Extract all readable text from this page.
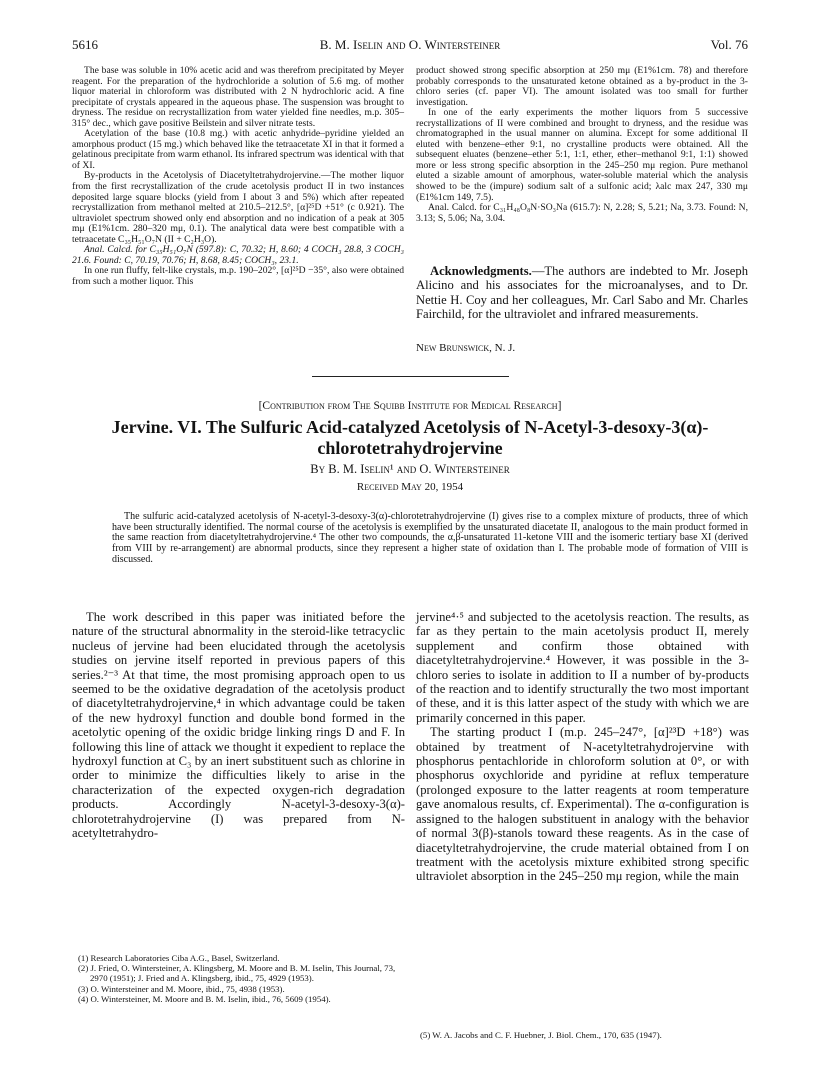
5616	B. M. Iselin and O. Wintersteiner	Vol. 76

The base was soluble in 10% acetic acid and was therefrom precipitated by Meyer reagent. For the preparation of the hydrochloride a solution of 5.6 mg. of mother liquor material in chloroform was distributed with 2 N hydrochloric acid. A fine precipitate of crystals appeared in the aqueous phase. The suspension was brought to dryness. The residue on recrystallization from water yielded fine needles, m.p. 305–315° dec., which gave positive Beilstein and silver nitrate tests.

Acetylation of the base (10.8 mg.) with acetic anhydride–pyridine yielded an amorphous product (15 mg.) which behaved like the tetraacetate XI in that it formed a gelatinous precipitate from warm ethanol. Its infrared spectrum was identical with that of XI.

By-products in the Acetolysis of Diacetyltetrahydrojervine.—The mother liquor from the first recrystallization of the crude acetolysis product II in two instances deposited large square blocks (yield from I about 3 and 5%) which after repeated recrystallization from methanol melted at 210.5–212.5°, [α]²⁵D +51° (c 0.921). The ultraviolet spectrum showed only end absorption and no indication of a peak at 305 mμ (E1%1cm. 280–320 mμ, 0.1). The analytical data were best compatible with a tetraacetate C₃₅H₅₁O₇N (II + C₂H₃O).

Anal. Calcd. for C₃₅H₅₁O₇N (597.8): C, 70.32; H, 8.60; 4 COCH₃ 28.8, 3 COCH₃ 21.6. Found: C, 70.19, 70.76; H, 8.68, 8.45; COCH₃, 23.1.

In one run fluffy, felt-like crystals, m.p. 190–202°, [α]²⁵D −35°, also were obtained from such a mother liquor. This

product showed strong specific absorption at 250 mμ (E1%1cm. 78) and therefore probably corresponds to the unsaturated ketone obtained as a by-product in the 3-chloro series (cf. paper VI). The amount isolated was too small for further investigation.

In one of the early experiments the mother liquors from 5 successive recrystallizations of II were combined and brought to dryness, and the residue was chromatographed in the usual manner on alumina. Except for some additional II eluted with benzene–ether 9:1, no crystalline products were obtained. All the subsequent eluates (benzene–ether 5:1, 1:1, ether, ether–methanol 9:1, 1:1) showed more or less strong specific absorption in the 245–250 mμ region. Pure methanol eluted a sizable amount of amorphous, water-soluble material which the analysis showed to be the (impure) sodium salt of a sulfonic acid; λalc max 247, 330 mμ (E1%1cm 149, 7.5).

Anal. Calcd. for C₃₁H₄₈O₈N·SO₃Na (615.7): N, 2.28; S, 5.21; Na, 3.73. Found: N, 3.13; S, 5.06; Na, 3.04.

Acknowledgments.—The authors are indebted to Mr. Joseph Alicino and his associates for the microanalyses, and to Dr. Nettie H. Coy and her colleagues, Mr. Carl Sabo and Mr. Charles Fairchild, for the ultraviolet and infrared measurements.

New Brunswick, N. J.
[Contribution from The Squibb Institute for Medical Research]
Jervine. VI. The Sulfuric Acid-catalyzed Acetolysis of N-Acetyl-3-desoxy-3(α)-chlorotetrahydrojervine
By B. M. Iselin¹ and O. Wintersteiner
Received May 20, 1954

The sulfuric acid-catalyzed acetolysis of N-acetyl-3-desoxy-3(α)-chlorotetrahydrojervine (I) gives rise to a complex mixture of products, three of which have been structurally identified. The normal course of the acetolysis is exemplified by the unsaturated diacetate II, analogous to the main product formed in the same reaction from diacetyltetrahydrojervine.⁴ The other two compounds, the α,β-unsaturated 11-ketone VIII and the isomeric tertiary base XI (derived from VIII by re-arrangement) are abnormal products, since they represent a higher state of oxidation than I. The probable mode of formation of VIII is discussed.

The work described in this paper was initiated before the nature of the structural abnormality in the steroid-like tetracyclic nucleus of jervine had been elucidated through the acetolysis studies on jervine itself reported in previous papers of this series.²⁻³ At that time, the most promising approach open to us seemed to be the oxidative degradation of the acetolysis product of diacetyltetrahydrojervine,⁴ in which advantage could be taken of the new hydroxyl function and double bond formed in the acetolytic opening of the oxidic bridge linking rings D and F. In following this line of attack we thought it expedient to replace the hydroxyl function at C₃ by an inert substituent such as chlorine in order to minimize the difficulties likely to arise in the characterization of the expected oxygen-rich degradation products. Accordingly N-acetyl-3-desoxy-3(α)-chlorotetrahydrojervine (I) was prepared from N-acetyltetrahydro-

(1) Research Laboratories Ciba A.G., Basel, Switzerland.

(2) J. Fried, O. Wintersteiner, A. Klingsberg, M. Moore and B. M. Iselin, This Journal, 73, 2970 (1951); J. Fried and A. Klingsberg, ibid., 75, 4929 (1953).

(3) O. Wintersteiner and M. Moore, ibid., 75, 4938 (1953).

(4) O. Wintersteiner, M. Moore and B. M. Iselin, ibid., 76, 5609 (1954).

jervine⁴·⁵ and subjected to the acetolysis reaction. The results, as far as they pertain to the main acetolysis product II, merely supplement and confirm those obtained with diacetyltetrahydrojervine.⁴ However, it was possible in the 3-chloro series to isolate in addition to II a number of by-products of the reaction and to identify structurally the two most important of these, and it is this latter aspect of the study with which we are primarily concerned in this paper.

The starting product I (m.p. 245–247°, [α]²³D +18°) was obtained by treatment of N-acetyltetrahydrojervine with phosphorus pentachloride in chloroform solution at 0°, or with phosphorus oxychloride and pyridine at reflux temperature (prolonged exposure to the latter reagents at room temperature gave anomalous results, cf. Experimental). The α-configuration is assigned to the halogen substituent in analogy with the behavior of normal 3(β)-stanols toward these reagents. As in the case of diacetyltetrahydrojervine, the crude material obtained from I on treatment with the acetolysis mixture exhibited strong specific ultraviolet absorption in the 245–250 mμ region, while the main

(5) W. A. Jacobs and C. F. Huebner, J. Biol. Chem., 170, 635 (1947).
